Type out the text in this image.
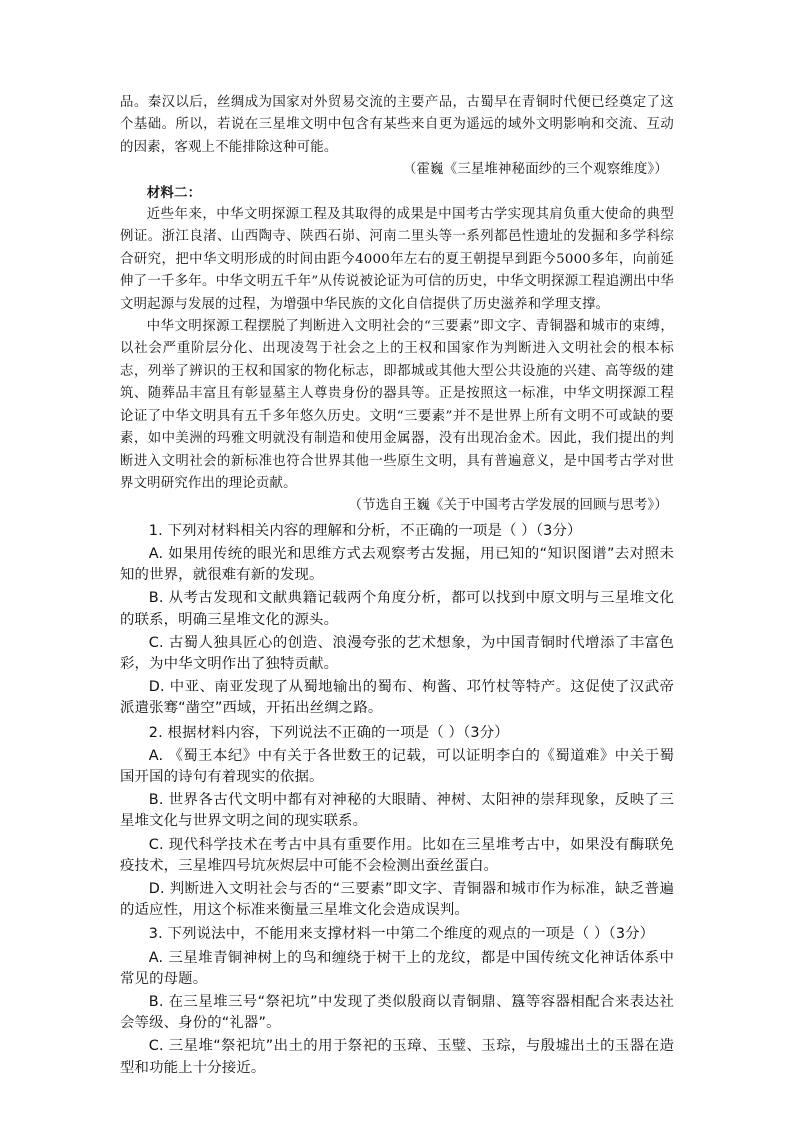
品。秦汉以后，丝绸成为国家对外贸易交流的主要产品，古蜀早在青铜时代便已经奠定了这个基础。所以，若说在三星堆文明中包含有某些来自更为遥远的域外文明影响和交流、互动的因素，客观上不能排除这种可能。

（霍巍《三星堆神秘面纱的三个观察维度》）

材料二：

近些年来，中华文明探源工程及其取得的成果是中国考古学实现其肩负重大使命的典型例证。浙江良渚、山西陶寺、陕西石峁、河南二里头等一系列都邑性遗址的发掘和多学科综合研究，把中华文明形成的时间由距今4000年左右的夏王朝提早到距今5000多年，向前延伸了一千多年。中华文明五千年”从传说被论证为可信的历史，中华文明探源工程追溯出中华文明起源与发展的过程，为增强中华民族的文化自信提供了历史滋养和学理支撑。

中华文明探源工程摆脱了判断进入文明社会的“三要素”即文字、青铜器和城市的束缚，以社会严重阶层分化、出现凌驾于社会之上的王权和国家作为判断进入文明社会的根本标志，列举了辨识的王权和国家的物化标志，即都城或其他大型公共设施的兴建、高等级的建筑、随葬品丰富且有彰显墓主人尊贵身份的器具等。正是按照这一标准，中华文明探源工程论证了中华文明具有五千多年悠久历史。文明“三要素”并不是世界上所有文明不可或缺的要素，如中美洲的玛雅文明就没有制造和使用金属器，没有出现冶金术。因此，我们提出的判断进入文明社会的新标准也符合世界其他一些原生文明，具有普遍意义，是中国考古学对世界文明研究作出的理论贡献。

（节选自王巍《关于中国考古学发展的回顾与思考》）

1. 下列对材料相关内容的理解和分析，不正确的一项是（ ）（3分）

A. 如果用传统的眼光和思维方式去观察考古发掘，用已知的“知识图谱”去对照未知的世界，就很难有新的发现。

B. 从考古发现和文献典籍记载两个角度分析，都可以找到中原文明与三星堆文化的联系，明确三星堆文化的源头。

C. 古蜀人独具匠心的创造、浪漫夸张的艺术想象，为中国青铜时代增添了丰富色彩，为中华文明作出了独特贡献。

D. 中亚、南亚发现了从蜀地输出的蜀布、枸酱、邛竹杖等特产。这促使了汉武帝派遣张骞“凿空”西域，开拓出丝绸之路。

2. 根据材料内容，下列说法不正确的一项是（ ）（3分）

A. 《蜀王本纪》中有关于各世数王的记载，可以证明李白的《蜀道难》中关于蜀国开国的诗句有着现实的依据。

B. 世界各古代文明中都有对神秘的大眼睛、神树、太阳神的崇拜现象，反映了三星堆文化与世界文明之间的现实联系。

C. 现代科学技术在考古中具有重要作用。比如在三星堆考古中，如果没有酶联免疫技术，三星堆四号坑灰烬层中可能不会检测出蚕丝蛋白。

D. 判断进入文明社会与否的“三要素”即文字、青铜器和城市作为标准，缺乏普遍的适应性，用这个标准来衡量三星堆文化会造成误判。

3. 下列说法中，不能用来支撑材料一中第二个维度的观点的一项是（ ）（3分）

A. 三星堆青铜神树上的鸟和缠绕于树干上的龙纹，都是中国传统文化神话体系中常见的母题。

B. 在三星堆三号“祭祀坑”中发现了类似殷商以青铜鼎、簋等容器相配合来表达社会等级、身份的“礼器”。

C. 三星堆“祭祀坑”出土的用于祭祀的玉璋、玉璧、玉琮，与殷墟出土的玉器在造型和功能上十分接近。
